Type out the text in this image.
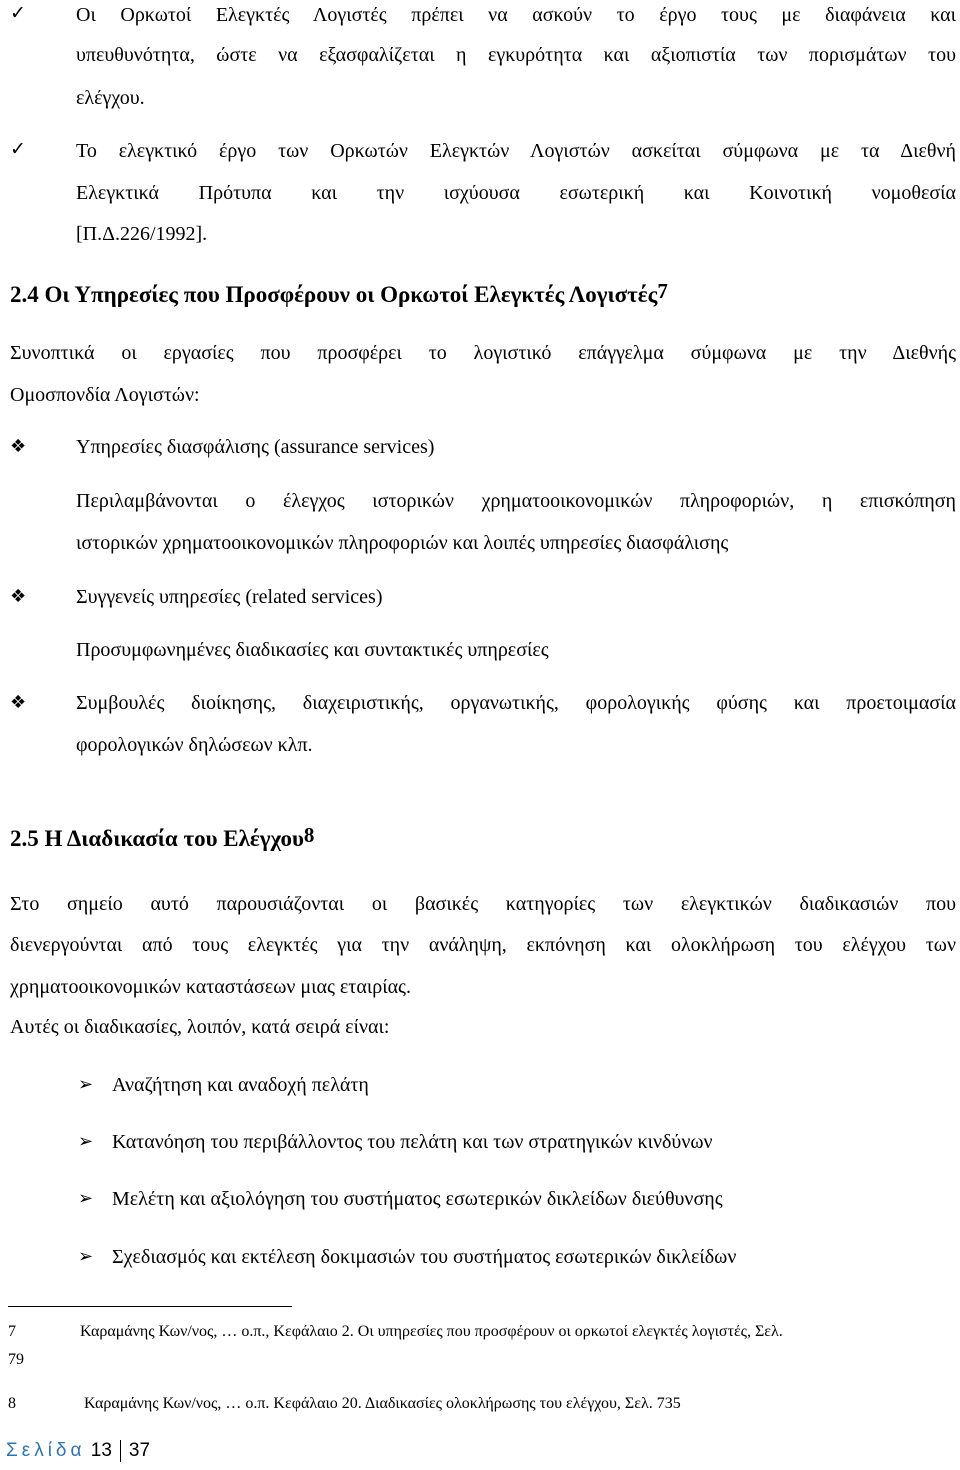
✓	Οι Ορκωτοί Ελεγκτές Λογιστές πρέπει να ασκούν το έργο τους με διαφάνεια και
υπευθυνότητα, ώστε να εξασφαλίζεται η εγκυρότητα και αξιοπιστία των πορισμάτων του
ελέγχου.
✓	Το ελεγκτικό έργο των Ορκωτών Ελεγκτών Λογιστών ασκείται σύμφωνα με τα Διεθνή
Ελεγκτικά Πρότυπα και την ισχύουσα εσωτερική και Κοινοτική νομοθεσία
[Π.Δ.226/1992].
2.4 Οι Υπηρεσίες που Προσφέρουν οι Ορκωτοί Ελεγκτές Λογιστές$^7$
Συνοπτικά οι εργασίες που προσφέρει το λογιστικό επάγγελμα σύμφωνα με την Διεθνής
Ομοσπονδία Λογιστών:
❖ Υπηρεσίες διασφάλισης (assurance services)
Περιλαμβάνονται ο έλεγχος ιστορικών χρηματοοικονομικών πληροφοριών, η επισκόπηση
ιστορικών χρηματοοικονομικών πληροφοριών και λοιπές υπηρεσίες διασφάλισης
❖ Συγγενείς υπηρεσίες (related services)
Προσυμφωνημένες διαδικασίες και συντακτικές υπηρεσίες
❖ Συμβουλές διοίκησης, διαχειριστικής, οργανωτικής, φορολογικής φύσης και προετοιμασία
φορολογικών δηλώσεων κλπ.
2.5 Η Διαδικασία του Ελέγχου$^8$
Στο σημείο αυτό παρουσιάζονται οι βασικές κατηγορίες των ελεγκτικών διαδικασιών που
διενεργούνται από τους ελεγκτές για την ανάληψη, εκπόνηση και ολοκλήρωση του ελέγχου των
χρηματοοικονομικών καταστάσεων μιας εταιρίας.
Αυτές οι διαδικασίες, λοιπόν, κατά σειρά είναι:
➢ Αναζήτηση και αναδοχή πελάτη
➢ Κατανόηση του περιβάλλοντος του πελάτη και των στρατηγικών κινδύνων
➢ Μελέτη και αξιολόγηση του συστήματος εσωτερικών δικλείδων διεύθυνσης
➢ Σχεδιασμός και εκτέλεση δοκιμασιών του συστήματος εσωτερικών δικλείδων
7	Καραμάνης Κων/νος, … ο.π., Κεφάλαιο 2. Οι υπηρεσίες που προσφέρουν οι ορκωτοί ελεγκτές λογιστές, Σελ.
79
8	Καραμάνης Κων/νος, … ο.π. Κεφάλαιο 20. Διαδικασίες ολοκλήρωσης του ελέγχου, Σελ. 735
Σελίδα 13 37
